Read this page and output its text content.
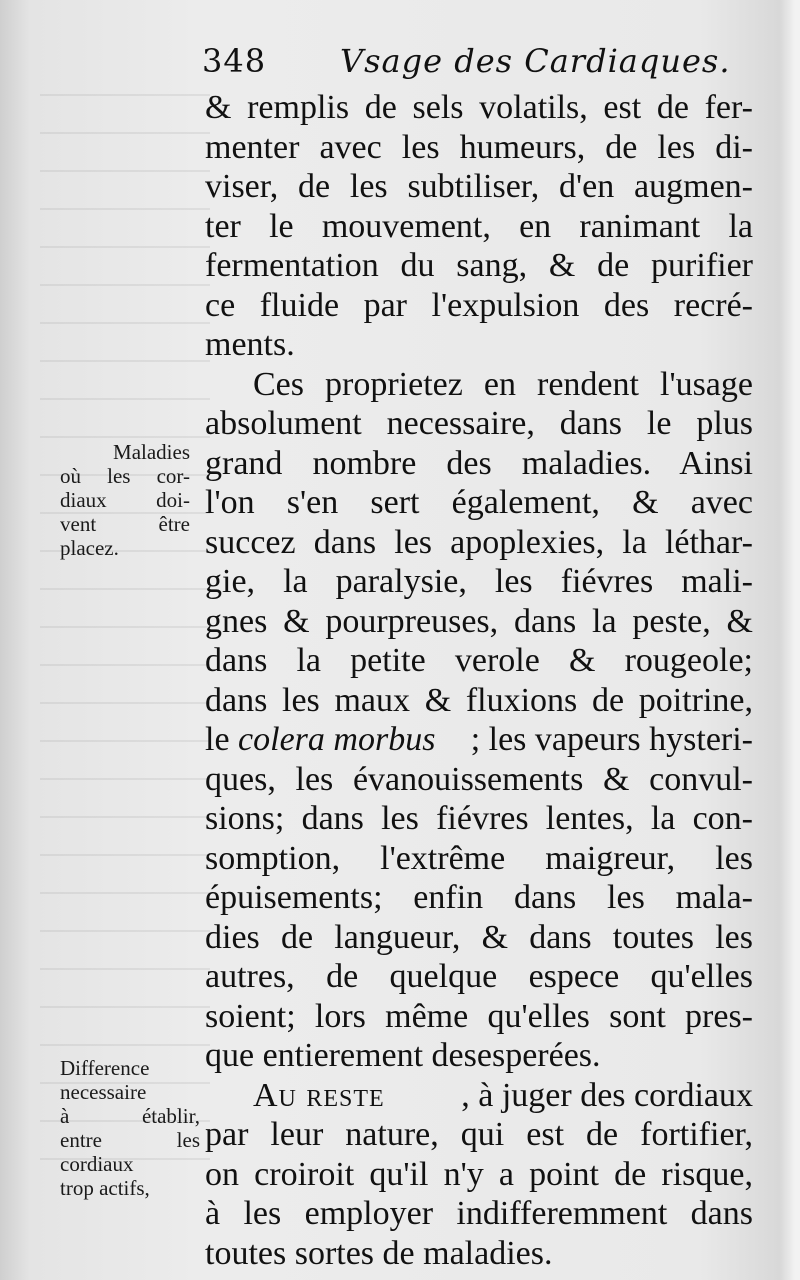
348 Vsage des Cardiaques.
Maladies
où les cor-
diaux doi-
vent être
placez.
Difference
necessaire
à établir,
entre les
cordiaux
trop actifs,
& remplis de sels volatils, est de fer-
menter avec les humeurs, de les di-
viser, de les subtiliser, d'en augmen-
ter le mouvement, en ranimant la
fermentation du sang, & de purifier
ce fluide par l'expulsion des recré-
ments.
Ces proprietez en rendent l'usage
absolument necessaire, dans le plus
grand nombre des maladies. Ainsi
l'on s'en sert également, & avec
succez dans les apoplexies, la léthar-
gie, la paralysie, les fiévres mali-
gnes & pourpreuses, dans la peste, &
dans la petite verole & rougeole;
dans les maux & fluxions de poitrine,
le colera morbus ; les vapeurs hysteri-
ques, les évanouissements & convul-
sions; dans les fiévres lentes, la con-
somption, l'extrême maigreur, les
épuisements; enfin dans les mala-
dies de langueur, & dans toutes les
autres, de quelque espece qu'elles
soient; lors même qu'elles sont pres-
que entierement desesperées.
Au reste , à juger des cordiaux
par leur nature, qui est de fortifier,
on croiroit qu'il n'y a point de risque,
à les employer indifferemment dans
toutes sortes de maladies.
